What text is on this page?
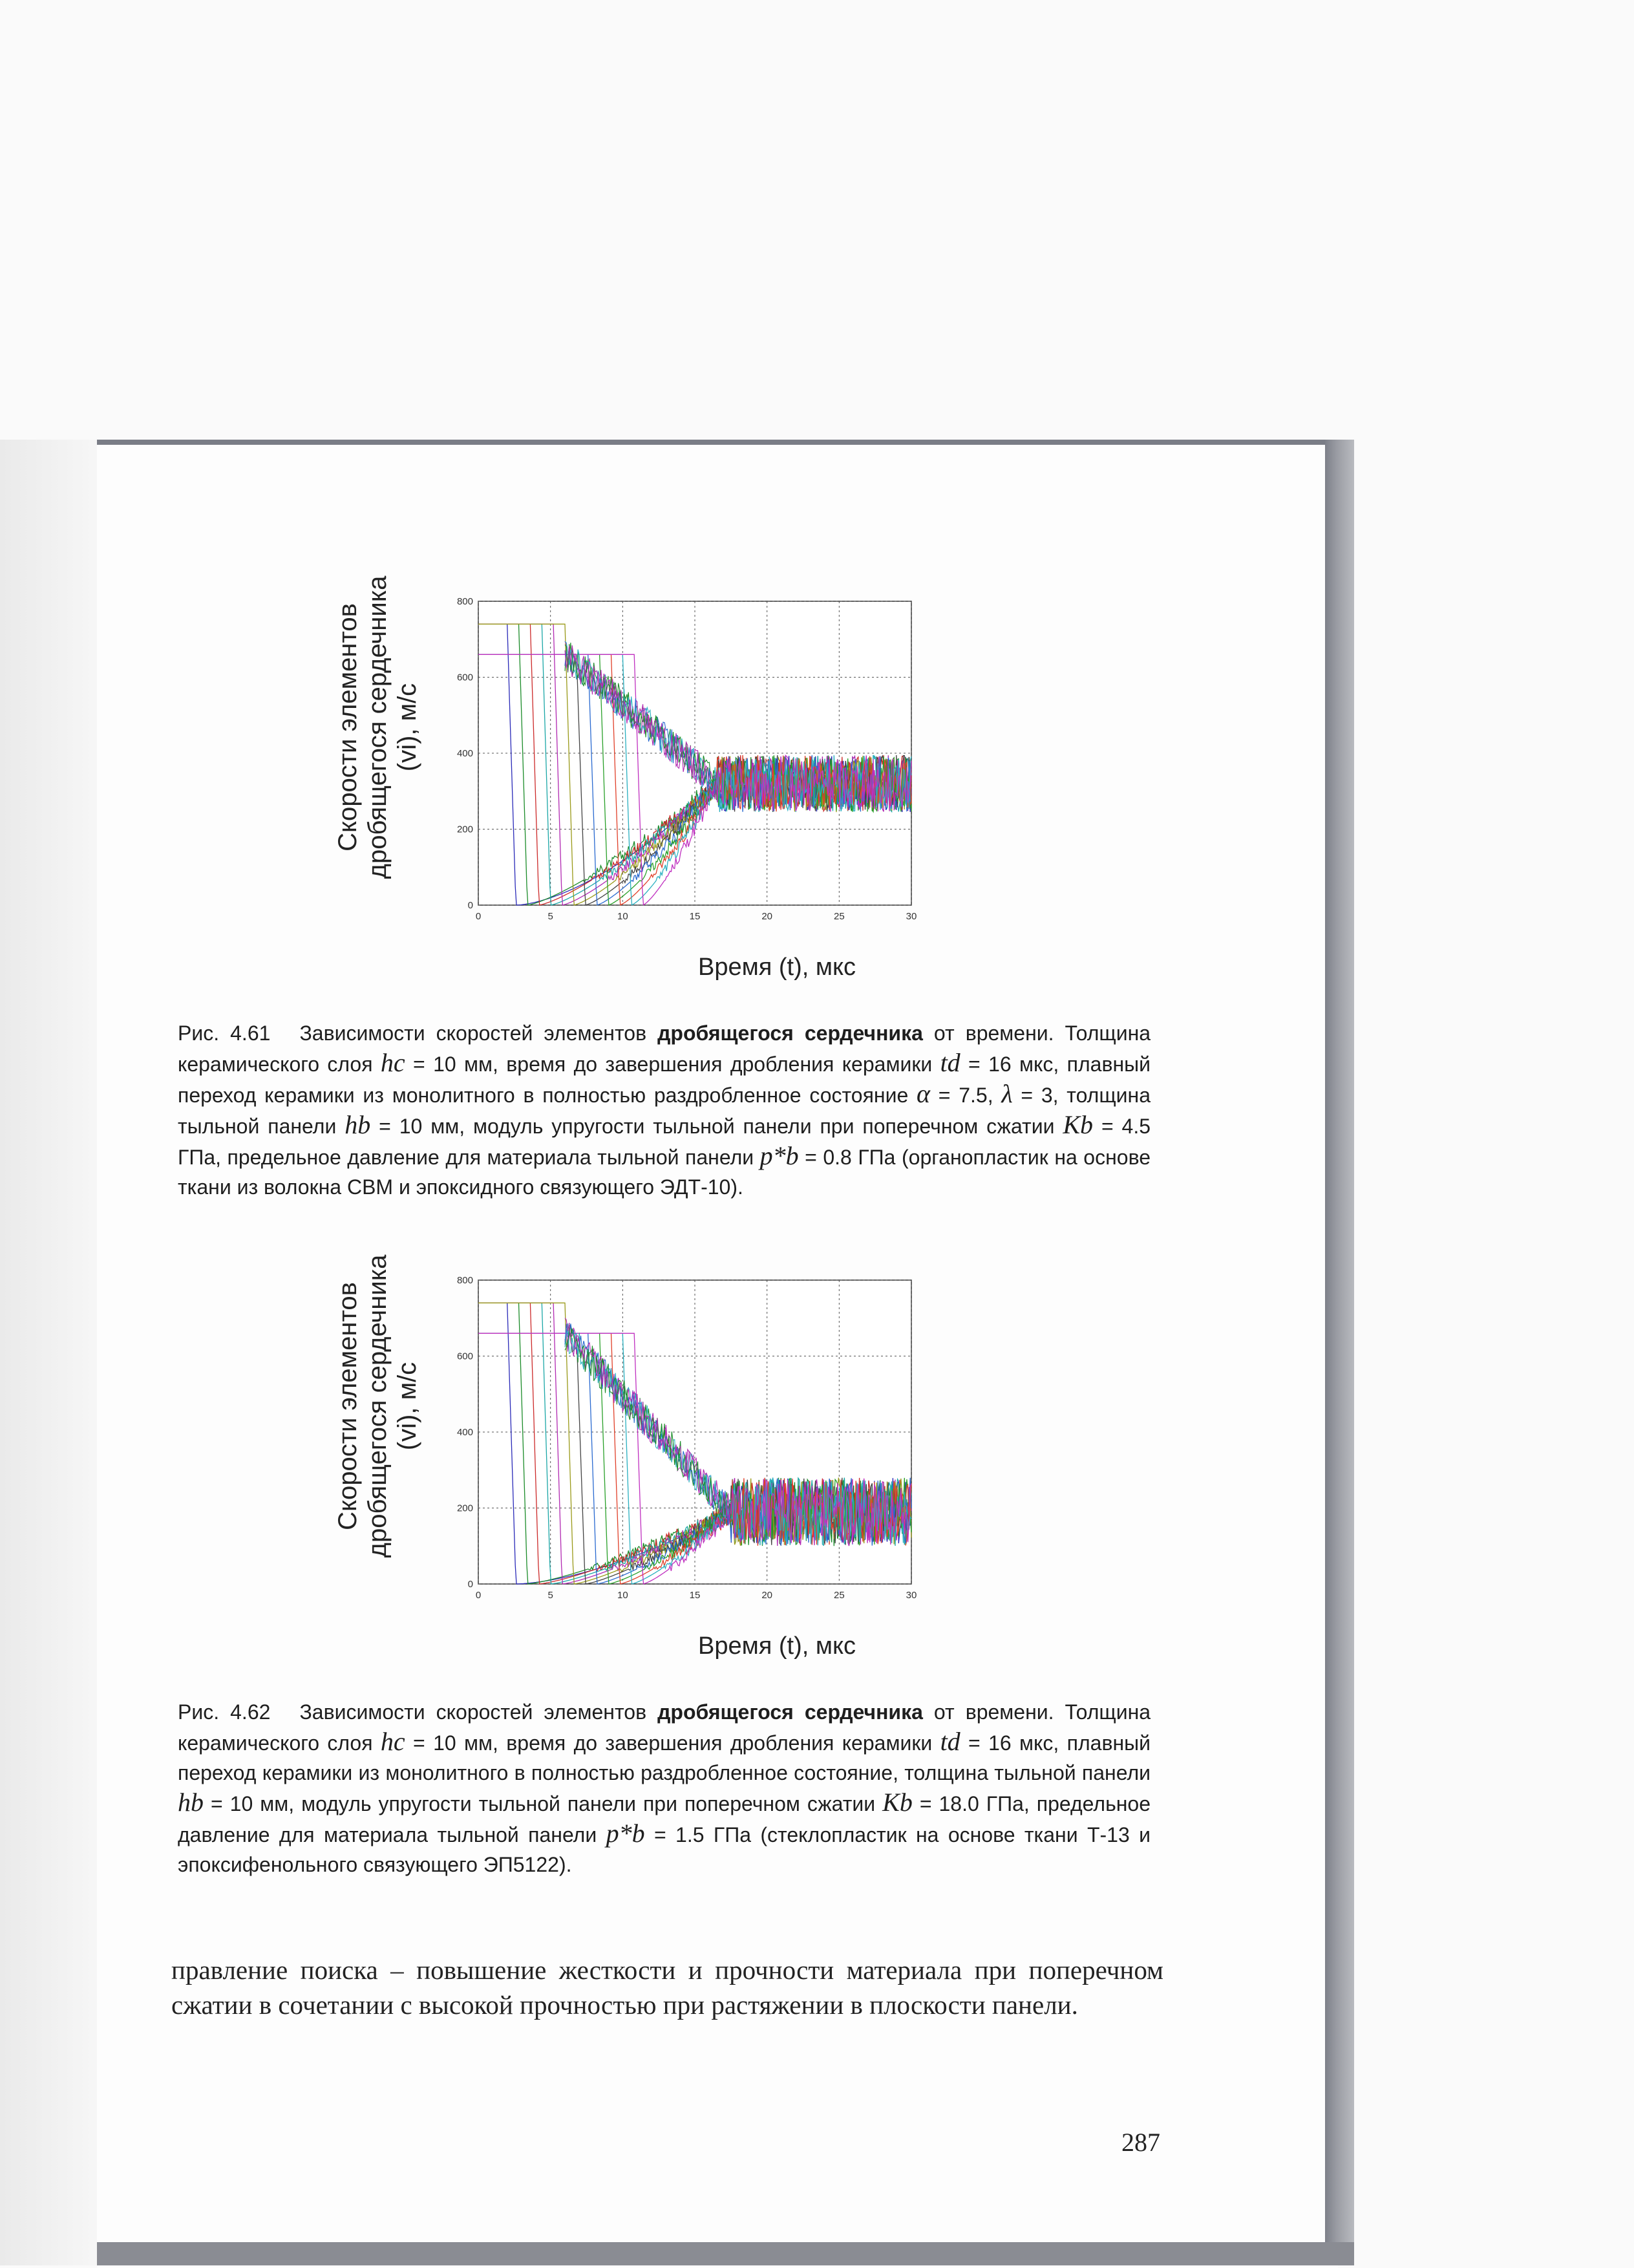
Скорости элементов дробящегося сердечника (vi), м/с
0	5	10	15	20	25	30
0
200
400
600
800
Время (t), мкс

Рис. 4.61 Зависимости скоростей элементов дробящегося сердечника от времени. Толщина керамического слоя hc = 10 мм, время до завершения дробления керамики td = 16 мкс, плавный переход керамики из монолитного в полностью раздробленное состояние α = 7.5, λ = 3, толщина тыльной панели hb = 10 мм, модуль упругости тыльной панели при поперечном сжатии Kb = 4.5 ГПа, предельное давление для материала тыльной панели p*b = 0.8 ГПа (органопластик на основе ткани из волокна СВМ и эпоксидного связующего ЭДТ-10).

Скорости элементов дробящегося сердечника (vi), м/с
0	5	10	15	20	25	30
0
200
400
600
800
Время (t), мкс

Рис. 4.62 Зависимости скоростей элементов дробящегося сердечника от времени. Толщина керамического слоя hc = 10 мм, время до завершения дробления керамики td = 16 мкс, плавный переход керамики из монолитного в полностью раздробленное состояние, толщина тыльной панели hb = 10 мм, модуль упругости тыльной панели при поперечном сжатии Kb = 18.0 ГПа, предельное давление для материала тыльной панели p*b = 1.5 ГПа (стеклопластик на основе ткани Т-13 и эпоксифенольного связующего ЭП5122).

правление поиска – повышение жесткости и прочности материала при поперечном сжатии в сочетании с высокой прочностью при растяжении в плоскости панели.

287
